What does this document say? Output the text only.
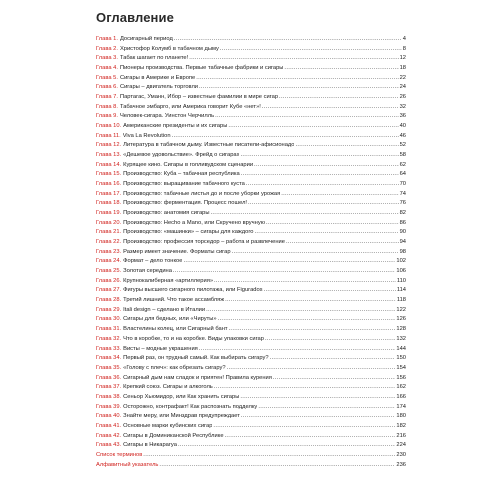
Оглавление
Глава 1. Досигарный период .....	4
Глава 2. Христофор Колумб в табачном дыму .....	8
Глава 3. Табак шагает по планете! .....	12
Глава 4. Пионеры производства. Первые табачные фабрики и сигары .....	18
Глава 5. Сигары в Америке и Европе .....	22
Глава 6. Сигары – двигатель торговли .....	24
Глава 7. Партагас, Уманн, Ибор – известные фамилии в мире сигар .....	26
Глава 8. Табачное эмбарго, или Америка говорит Кубе «нет»! .....	32
Глава 9. Человек-сигара. Уинстон Черчилль .....	36
Глава 10. Американские президенты и их сигары .....	40
Глава 11. Viva La Revolution .....	46
Глава 12. Литература в табачном дыму. Известные писатели-афисионадо .....	52
Глава 13. «Дешевое удовольствие». Фрейд о сигарах .....	58
Глава 14. Курящее кино. Сигары в голливудском сценарии .....	62
Глава 15. Производство: Куба – табачная республика .....	64
Глава 16. Производство: выращивание табачного куста .....	70
Глава 17. Производство: табачные листья до и после уборки урожая .....	74
Глава 18. Производство: ферментация. Процесс пошел! .....	76
Глава 19. Производство: анатомия сигары .....	82
Глава 20. Производство: Hecho a Mano, или Скручено вручную .....	86
Глава 21. Производство: «машинки» – сигары для каждого .....	90
Глава 22. Производство: профессия торседор – работа и развлечение .....	94
Глава 23. Размер имеет значение. Форматы сигар .....	98
Глава 24. Формат – дело тонкое .....	102
Глава 25. Золотая середина .....	106
Глава 26. Крупнокалиберная «артиллерия» .....	110
Глава 27. Фигуры высшего сигарного пилотажа, или Figurados .....	114
Глава 28. Третий лишний. Что такое ассамбляж .....	118
Глава 29. Itali design – сделано в Италии .....	122
Глава 30. Сигары для бедных, или «Чируты» .....	126
Глава 31. Властелины колец, или Сигарный бант .....	128
Глава 32. Что в коробке, то и на коробке. Виды упаковки сигар .....	132
Глава 33. Висты – модные украшения .....	144
Глава 34. Первый раз, он трудный самый. Как выбирать сигару? .....	150
Глава 35. «Голову с плеч»: как обрезать сигару? .....	154
Глава 36. Сигарный дым нам сладок и приятен! Правила курения .....	156
Глава 37. Крепкий союз. Сигары и алкоголь .....	162
Глава 38. Сеньор Хьюмидор, или Как хранить сигары .....	166
Глава 39. Осторожно, контрафакт! Как распознать подделку .....	174
Глава 40. Знайте меру, или Минздрав предупреждает .....	180
Глава 41. Основные марки кубинских сигар .....	182
Глава 42. Сигары в Доминиканской Республике .....	216
Глава 43. Сигары в Никарагуа .....	224
Список терминов .....	230
Алфавитный указатель .....	236
